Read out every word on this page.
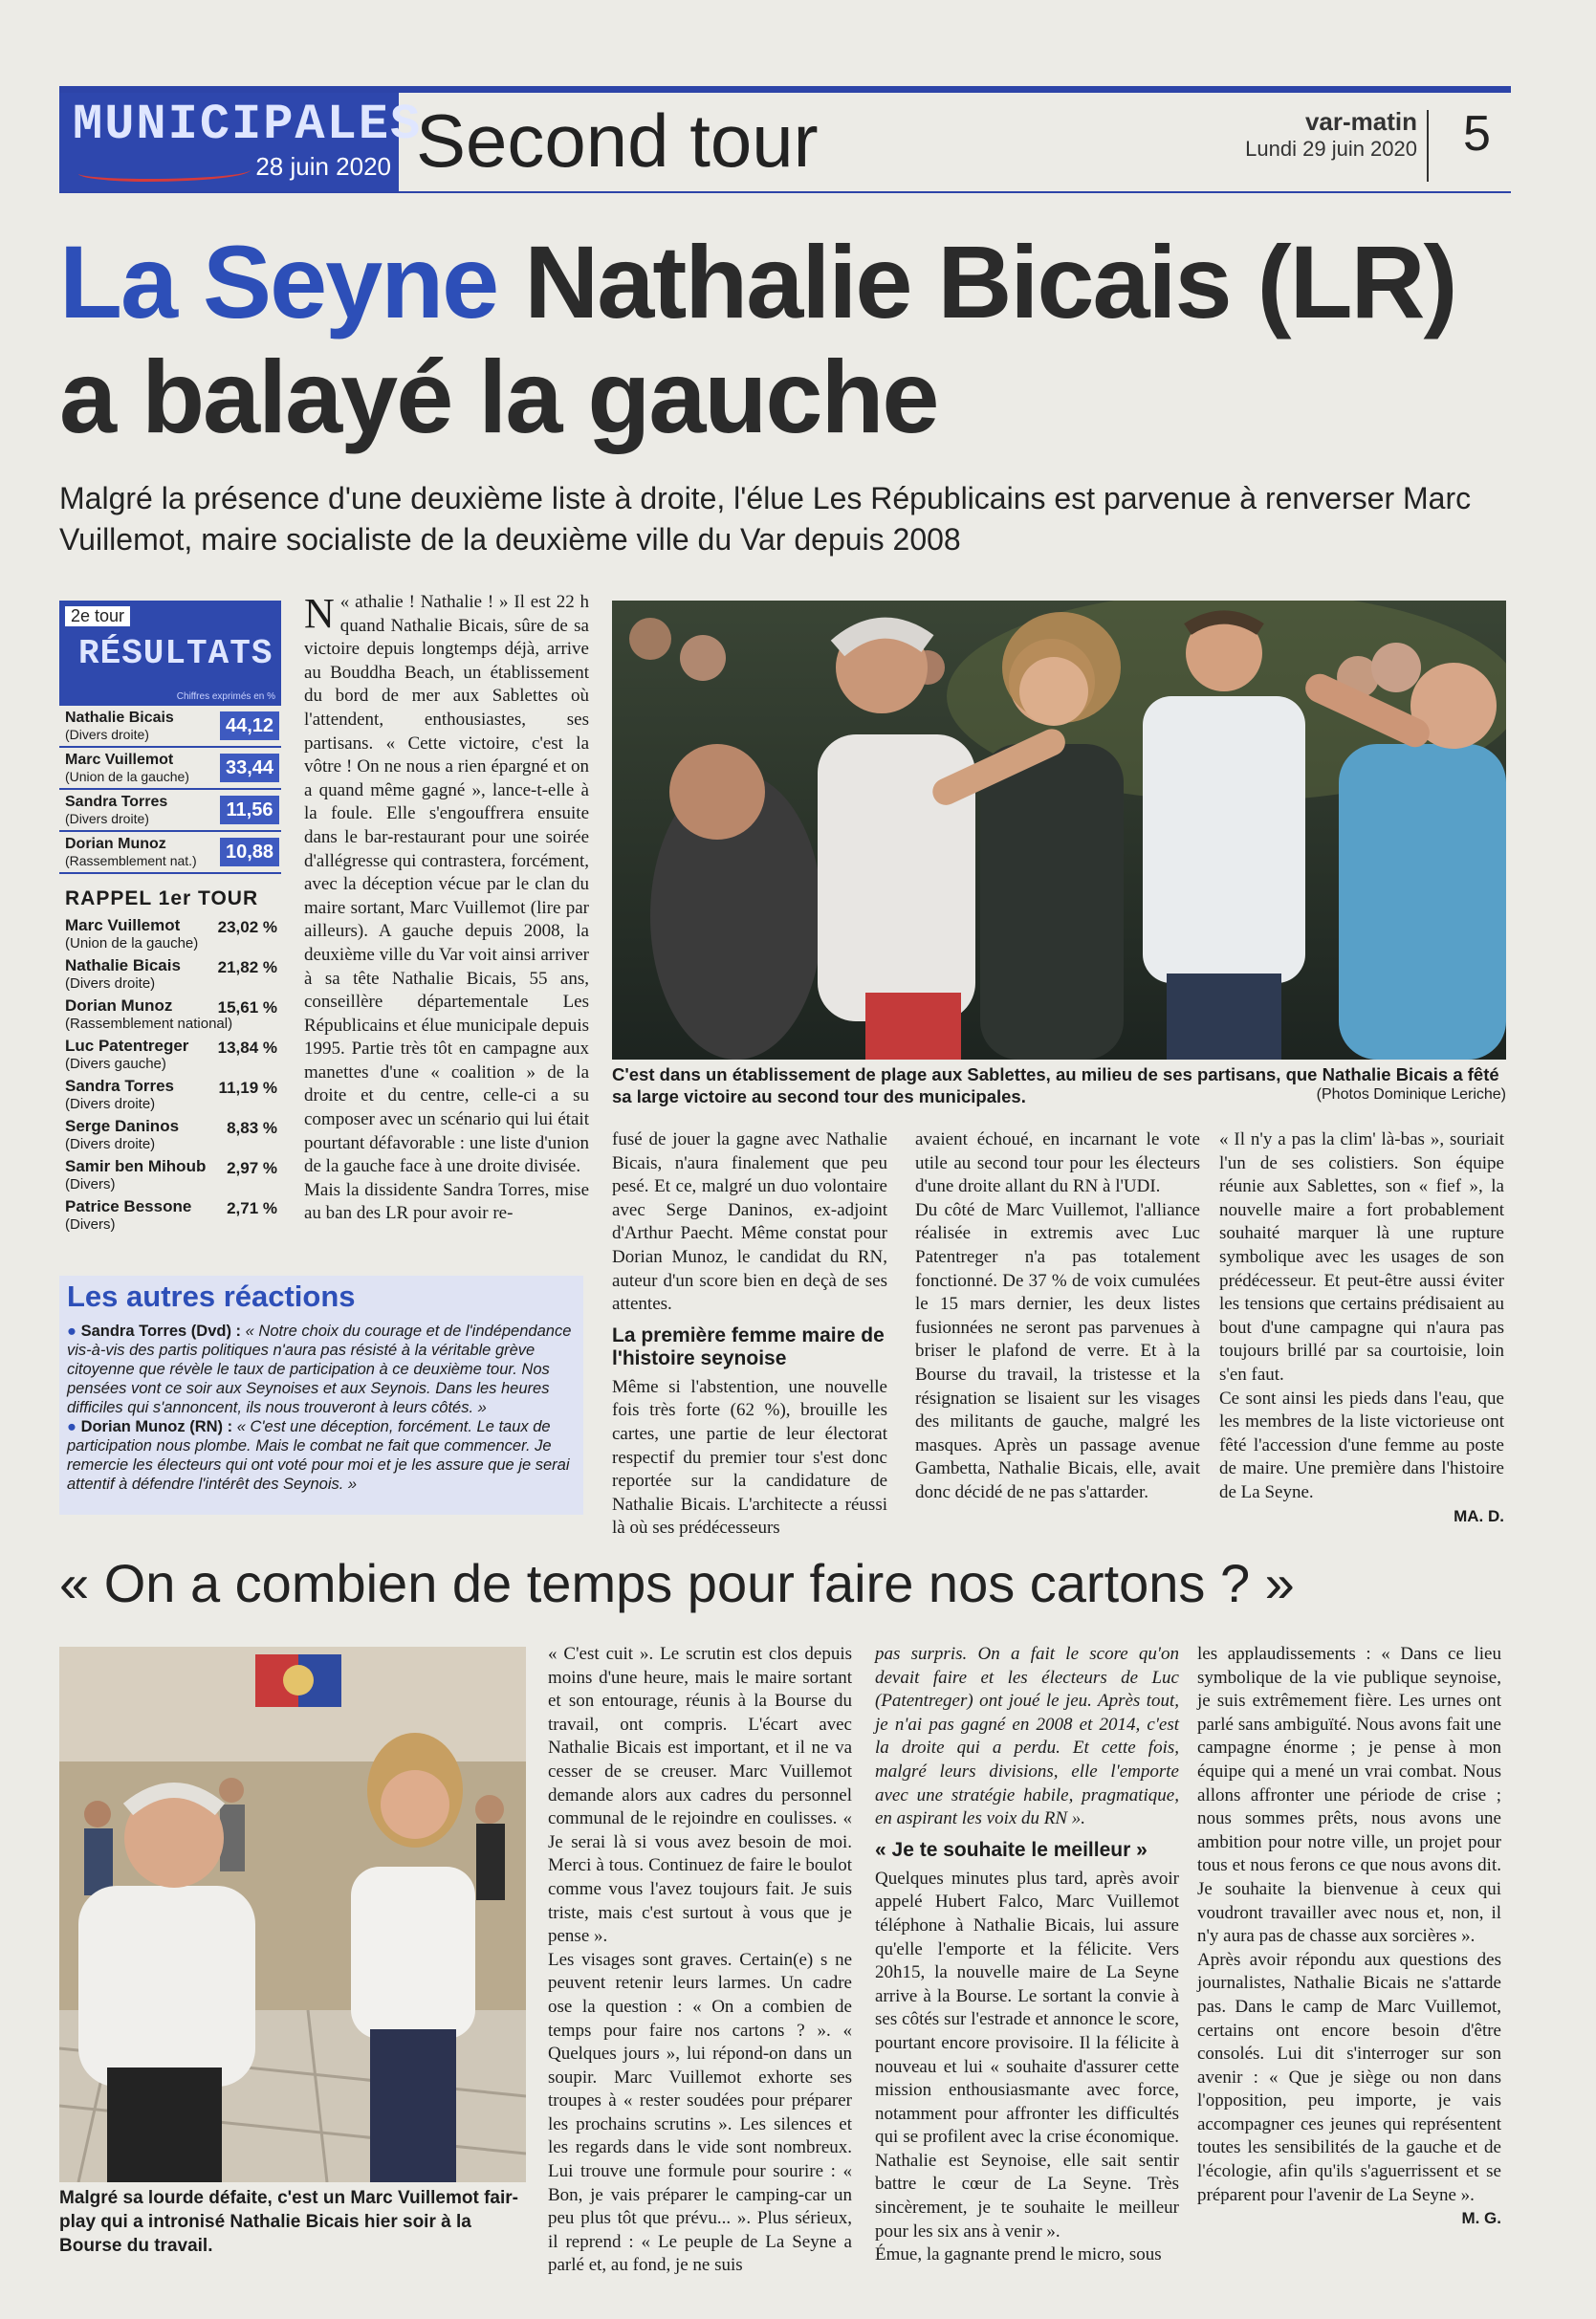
MUNICIPALES
28 juin 2020 Second tour	var-matin
Lundi 29 juin 2020 5
La Seyne Nathalie Bicais (LR)
a balayé la gauche
Malgré la présence d'une deuxième liste à droite, l'élue Les Républicains est parvenue à renverser Marc Vuillemot, maire socialiste de la deuxième ville du Var depuis 2008
2e tour
RÉSULTATS
Chiffres exprimés en %
Nathalie Bicais
(Divers droite)	44,12
Marc Vuillemot
(Union de la gauche) 33,44
Sandra Torres
(Divers droite)	11,56
Dorian Munoz
(Rassemblement nat.) 10,88
RAPPEL 1er TOUR
Marc Vuillemot
(Union de la gauche)
23,02 %
Nathalie Bicais
(Divers droite)
21,82 %
Dorian Munoz
(Rassemblement national)
15,61 %
Luc Patentreger
(Divers gauche)
13,84 %
Sandra Torres
(Divers droite)
11,19 %
Serge Daninos
(Divers droite)
8,83 %
Samir ben Mihoub
(Divers)
2,97 %
Patrice Bessone
(Divers)
2,71 %

«
N athalie ! Nathalie ! » Il est 22 h quand Nathalie Bicais, sûre de sa victoire depuis longtemps déjà, arrive au Bouddha Beach, un établissement du bord de mer aux Sablettes où l'attendent, enthousiastes, ses partisans. « Cette victoire, c'est la vôtre ! On ne nous a rien épargné et on a quand même gagné », lance-t-elle à la foule. Elle s'engouffrera ensuite dans le bar-restaurant pour une soirée d'allégresse qui contrastera, forcément, avec la déception vécue par le clan du maire sortant, Marc Vuillemot (lire par ailleurs). A gauche depuis 2008, la deuxième ville du Var voit ainsi arriver à sa tête Nathalie Bicais, 55 ans, conseillère départementale Les Républicains et élue municipale depuis 1995. Partie très tôt en campagne aux manettes d'une « coalition » de la droite et du centre, celle-ci a su composer avec un scénario qui lui était pourtant défavorable : une liste d'union de la gauche face à une droite divisée.

Mais la dissidente Sandra Torres, mise au ban des LR pour avoir re-

C'est dans un établissement de plage aux Sablettes, au milieu de ses partisans, que Nathalie Bicais a fêté sa large victoire au second tour des municipales.	(Photos Dominique Leriche)

fusé de jouer la gagne avec Nathalie Bicais, n'aura finalement que peu pesé. Et ce, malgré un duo volontaire avec Serge Daninos, ex-adjoint d'Arthur Paecht. Même constat pour Dorian Munoz, le candidat du RN, auteur d'un score bien en deçà de ses attentes.

La première femme maire de l'histoire seynoise

Même si l'abstention, une nouvelle fois très forte (62 %), brouille les cartes, une partie de leur électorat respectif du premier tour s'est donc reportée sur la candidature de Nathalie Bicais. L'architecte a réussi là où ses prédécesseurs

avaient échoué, en incarnant le vote utile au second tour pour les électeurs d'une droite allant du RN à l'UDI.

Du côté de Marc Vuillemot, l'alliance réalisée in extremis avec Luc Patentreger n'a pas totalement fonctionné. De 37 % de voix cumulées le 15 mars dernier, les deux listes fusionnées ne seront pas parvenues à briser le plafond de verre. Et à la Bourse du travail, la tristesse et la résignation se lisaient sur les visages des militants de gauche, malgré les masques. Après un passage avenue Gambetta, Nathalie Bicais, elle, avait donc décidé de ne pas s'attarder.

« Il n'y a pas la clim' là-bas », souriait l'un de ses colistiers. Son équipe réunie aux Sablettes, son « fief », la nouvelle maire a fort probablement souhaité marquer là une rupture symbolique avec les usages de son prédécesseur. Et peut-être aussi éviter les tensions que certains prédisaient au bout d'une campagne qui n'aura pas toujours brillé par sa courtoisie, loin s'en faut.

Ce sont ainsi les pieds dans l'eau, que les membres de la liste victorieuse ont fêté l'accession d'une femme au poste de maire. Une première dans l'histoire de La Seyne.

MA. D.
Les autres réactions
● Sandra Torres (Dvd) : « Notre choix du courage et de l'indépendance vis-à-vis des partis politiques n'aura pas résisté à la véritable grève citoyenne que révèle le taux de participation à ce deuxième tour. Nos pensées vont ce soir aux Seynoises et aux Seynois. Dans les heures difficiles qui s'annoncent, ils nous trouveront à leurs côtés. »
● Dorian Munoz (RN) : « C'est une déception, forcément. Le taux de participation nous plombe. Mais le combat ne fait que commencer. Je remercie les électeurs qui ont voté pour moi et je les assure que je serai attentif à défendre l'intérêt des Seynois. »
« On a combien de temps pour faire nos cartons ? »
Malgré sa lourde défaite, c'est un Marc Vuillemot fair-play qui a intronisé Nathalie Bicais hier soir à la Bourse du travail.

« C'est cuit ». Le scrutin est clos depuis moins d'une heure, mais le maire sortant et son entourage, réunis à la Bourse du travail, ont compris. L'écart avec Nathalie Bicais est important, et il ne va cesser de se creuser. Marc Vuillemot demande alors aux cadres du personnel communal de le rejoindre en coulisses. « Je serai là si vous avez besoin de moi. Merci à tous. Continuez de faire le boulot comme vous l'avez toujours fait. Je suis triste, mais c'est surtout à vous que je pense ».

Les visages sont graves. Certain(e) s ne peuvent retenir leurs larmes. Un cadre ose la question : « On a combien de temps pour faire nos cartons ? ». « Quelques jours », lui répond-on dans un soupir. Marc Vuillemot exhorte ses troupes à « rester soudées pour préparer les prochains scrutins ». Les silences et les regards dans le vide sont nombreux. Lui trouve une formule pour sourire : « Bon, je vais préparer le camping-car un peu plus tôt que prévu... ». Plus sérieux, il reprend : « Le peuple de La Seyne a parlé et, au fond, je ne suis

pas surpris. On a fait le score qu'on devait faire et les électeurs de Luc (Patentreger) ont joué le jeu. Après tout, je n'ai pas gagné en 2008 et 2014, c'est la droite qui a perdu. Et cette fois, malgré leurs divisions, elle l'emporte avec une stratégie habile, pragmatique, en aspirant les voix du RN ».

« Je te souhaite le meilleur »

Quelques minutes plus tard, après avoir appelé Hubert Falco, Marc Vuillemot téléphone à Nathalie Bicais, lui assure qu'elle l'emporte et la félicite. Vers 20h15, la nouvelle maire de La Seyne arrive à la Bourse. Le sortant la convie à ses côtés sur l'estrade et annonce le score, pourtant encore provisoire. Il la félicite à nouveau et lui « souhaite d'assurer cette mission enthousiasmante avec force, notamment pour affronter les difficultés qui se profilent avec la crise économique. Nathalie est Seynoise, elle sait sentir battre le cœur de La Seyne. Très sincèrement, je te souhaite le meilleur pour les six ans à venir ».

Émue, la gagnante prend le micro, sous

les applaudissements : « Dans ce lieu symbolique de la vie publique seynoise, je suis extrêmement fière. Les urnes ont parlé sans ambiguïté. Nous avons fait une campagne énorme ; je pense à mon équipe qui a mené un vrai combat. Nous allons affronter une période de crise ; nous sommes prêts, nous avons une ambition pour notre ville, un projet pour tous et nous ferons ce que nous avons dit. Je souhaite la bienvenue à ceux qui voudront travailler avec nous et, non, il n'y aura pas de chasse aux sorcières ».

Après avoir répondu aux questions des journalistes, Nathalie Bicais ne s'attarde pas. Dans le camp de Marc Vuillemot, certains ont encore besoin d'être consolés. Lui dit s'interroger sur son avenir : « Que je siège ou non dans l'opposition, peu importe, je vais accompagner ces jeunes qui représentent toutes les sensibilités de la gauche et de l'écologie, afin qu'ils s'aguerrissent et se préparent pour l'avenir de La Seyne ».

M. G.
